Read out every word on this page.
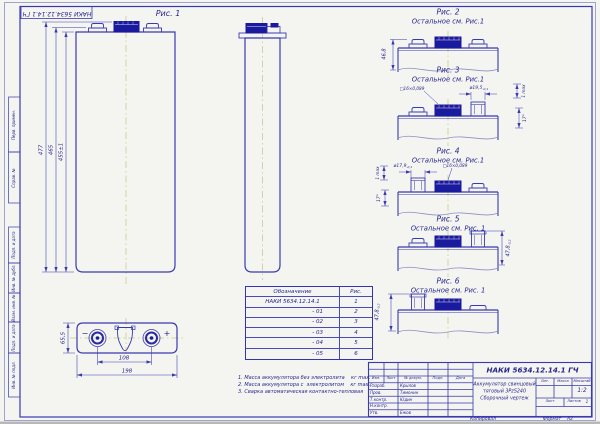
НАКИ 5634.12.14.1 ГЧ
Перв. примен.
Справ. №
Подп. и дата
Инв. № дубл.
Взам. инв. №
Подп. и дата
Инв. № подл.
Рис. 1
477 465 455±1
65,5
108
198
−	+
Рис. 2
Остальное см. Рис.1
46,8
Рис. 3
Остальное см. Рис.1
□16×0,089	$ø19,5_{-0,1}$	1 max
17°
Рис. 4
Остальное см. Рис.1
$ø17,9_{-0,1}$	□16×0,089
1 max
17°
Рис. 5
Остальное см. Рис. 1
$47,8_{-0,2}$
Рис. 6
Остальное см. Рис. 1
$47,8_{-0,2}$
Обозначение	Рис.
НАКИ 5634.12.14.1	1
- 01	2
- 02	3
- 03	4
- 04	5
- 05	6
1. Масса аккумулятора без электролита    кг max.
2. Масса аккумулятора с  электролитом    кг max.
3. Сварка автоматическая контактно-тепловая
НАКИ 5634.12.14.1 ГЧ
Аккумулятор свинцовый
тяговый 3PzS240
Сборочный чертеж
Изм. Лист № докум.	Подп.	Дата
Разраб.	Крылов
Пров.	Тимонин
Т.контр.	Юдин
Н.контр.
Утв.	Ежов
Лит. Масса Масштаб
1:2
Лист	Листов 1
Копировал	Формат А2
